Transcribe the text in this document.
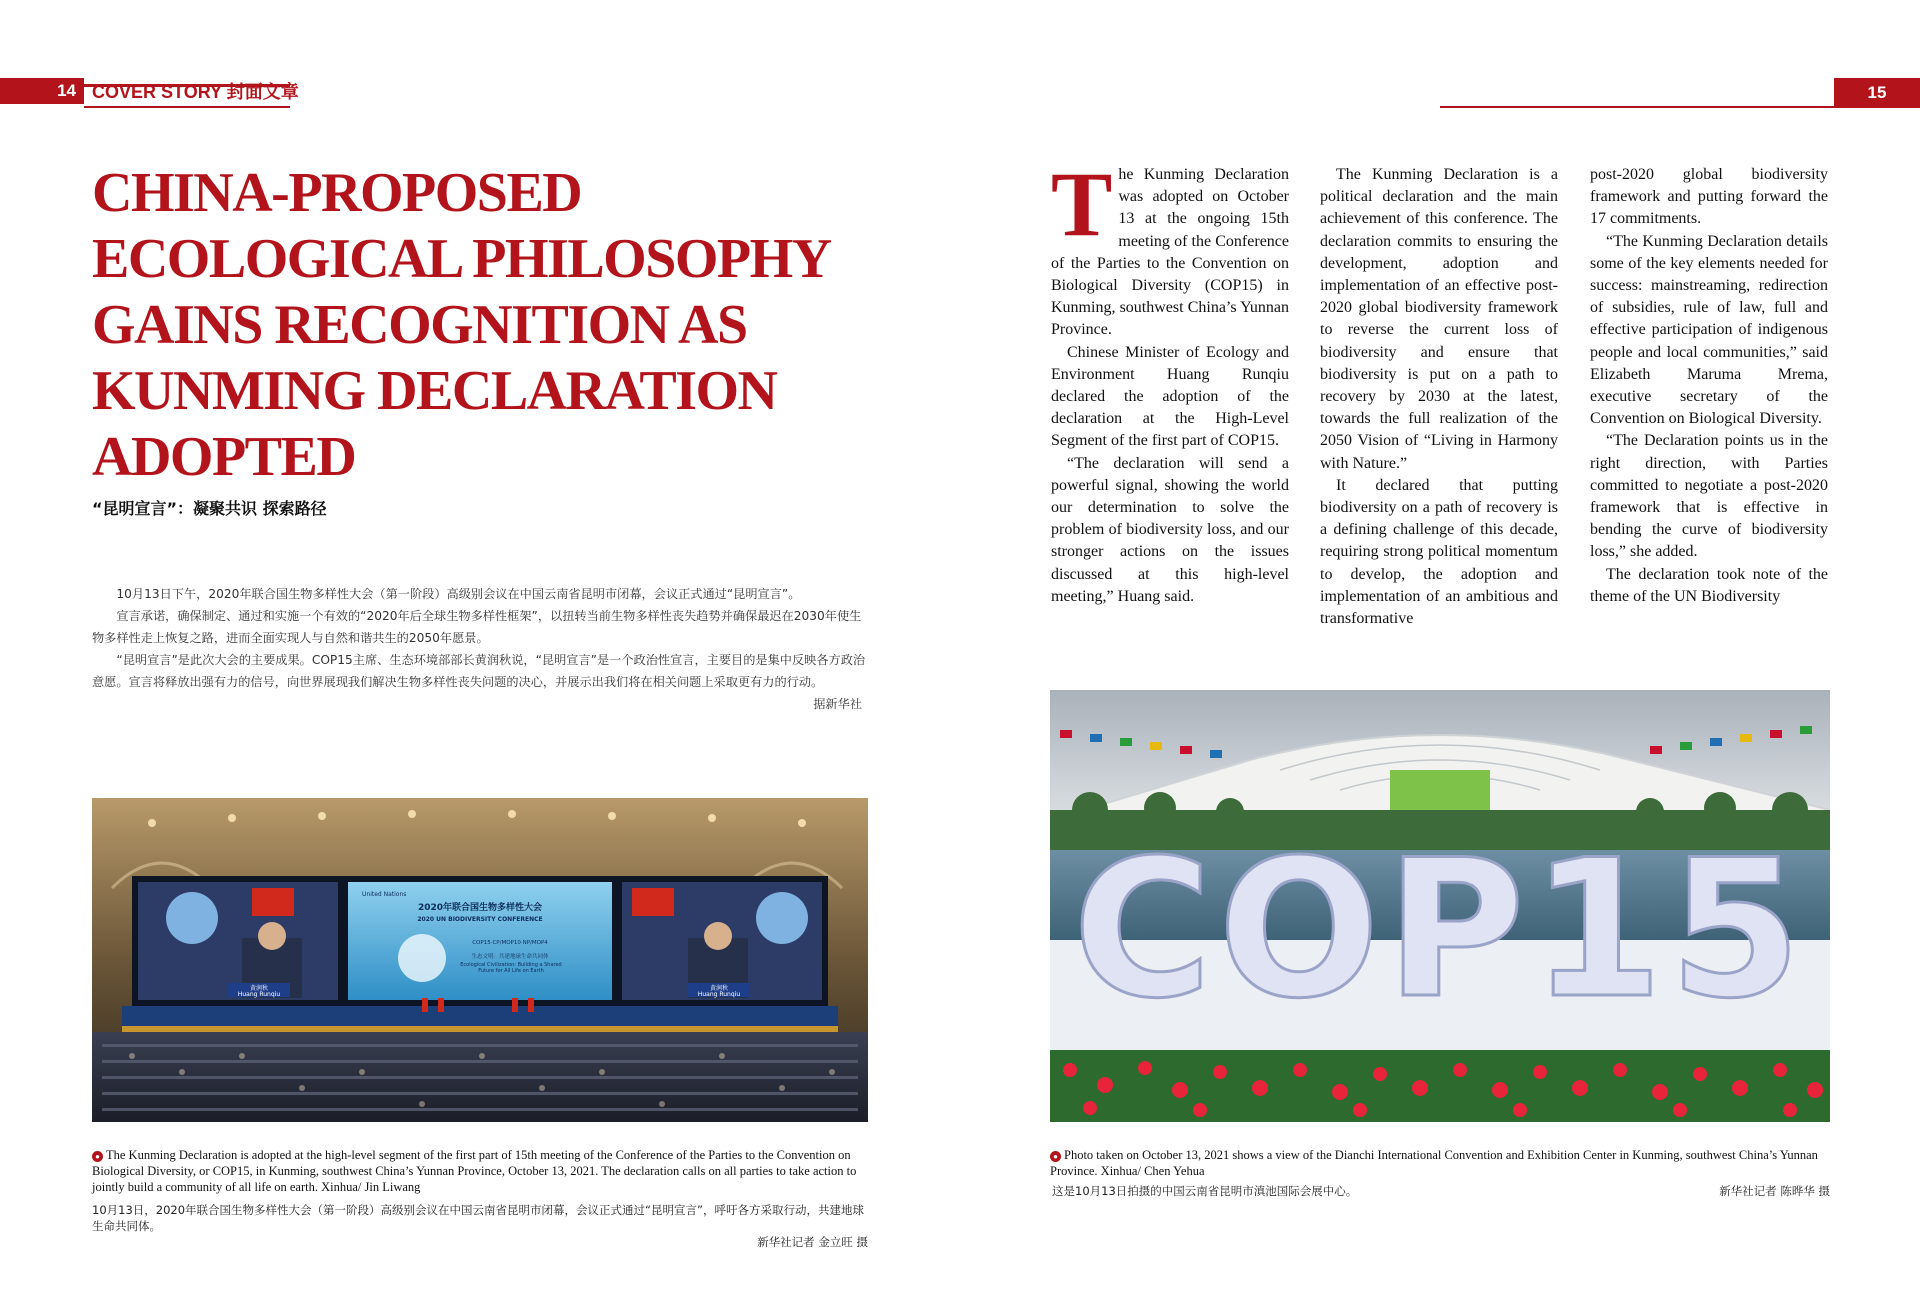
14 COVER STORY 封面文章	15
CHINA-PROPOSED
ECOLOGICAL PHILOSOPHY
GAINS RECOGNITION AS
KUNMING DECLARATION
ADOPTED
“昆明宣言”：凝聚共识 探索路径

10月13日下午，2020年联合国生物多样性大会（第一阶段）高级别会议在中国云南省昆明市闭幕，会议正式通过“昆明宣言”。

宣言承诺，确保制定、通过和实施一个有效的“2020年后全球生物多样性框架”，以扭转当前生物多样性丧失趋势并确保最迟在2030年使生物多样性走上恢复之路，进而全面实现人与自然和谐共生的2050年愿景。

“昆明宣言”是此次大会的主要成果。COP15主席、生态环境部部长黄润秋说，“昆明宣言”是一个政治性宣言，主要目的是集中反映各方政治意愿。宣言将释放出强有力的信号，向世界展现我们解决生物多样性丧失问题的决心，并展示出我们将在相关问题上采取更有力的行动。

据新华社
黄润秋
Huang Runqiu
United Nations
2020年联合国生物多样性大会
2020 UN BIODIVERSITY CONFERENCE
COP15·CP/MOP10·NP/MOP4
生态文明：共建地球生命共同体
Ecological Civilization: Building a Shared Future for All Life on Earth
黄润秋
Huang Runqiu
● The Kunming Declaration is adopted at the high-level segment of the first part of 15th meeting of the Conference of the Parties to the Convention on Biological Diversity, or COP15, in Kunming, southwest China’s Yunnan Province, October 13, 2021. The declaration calls on all parties to take action to jointly build a community of all life on earth. Xinhua/ Jin Liwang
10月13日，2020年联合国生物多样性大会（第一阶段）高级别会议在中国云南省昆明市闭幕，会议正式通过“昆明宣言”，呼吁各方采取行动，共建地球生命共同体。
新华社记者 金立旺 摄
T he Kunming Declaration was adopted on October 13 at the ongoing 15th meeting of the Conference of the Parties to the Convention on Biological Diversity (COP15) in Kunming, southwest China’s Yunnan Province.

Chinese Minister of Ecology and Environment Huang Runqiu declared the adoption of the declaration at the High-Level Segment of the first part of COP15.

“The declaration will send a powerful signal, showing the world our determination to solve the problem of biodiversity loss, and our stronger actions on the issues discussed at this high-level meeting,” Huang said.

The Kunming Declaration is a political declaration and the main achievement of this conference. The declaration commits to ensuring the development, adoption and implementation of an effective post-2020 global biodiversity framework to reverse the current loss of biodiversity and ensure that biodiversity is put on a path to recovery by 2030 at the latest, towards the full realization of the 2050 Vision of “Living in Harmony with Nature.”

It declared that putting biodiversity on a path of recovery is a defining challenge of this decade, requiring strong political momentum to develop, the adoption and implementation of an ambitious and transformative

post-2020 global biodiversity framework and putting forward the 17 commitments.

“The Kunming Declaration details some of the key elements needed for success: mainstreaming, redirection of subsidies, rule of law, full and effective participation of indigenous people and local communities,” said Elizabeth Maruma Mrema, executive secretary of the Convention on Biological Diversity.

“The Declaration points us in the right direction, with Parties committed to negotiate a post-2020 framework that is effective in bending the curve of biodiversity loss,” she added.

The declaration took note of the theme of the UN Biodiversity

COP15
● Photo taken on October 13, 2021 shows a view of the Dianchi International Convention and Exhibition Center in Kunming, southwest China’s Yunnan Province. Xinhua/ Chen Yehua
这是10月13日拍摄的中国云南省昆明市滇池国际会展中心。	新华社记者 陈晔华 摄
